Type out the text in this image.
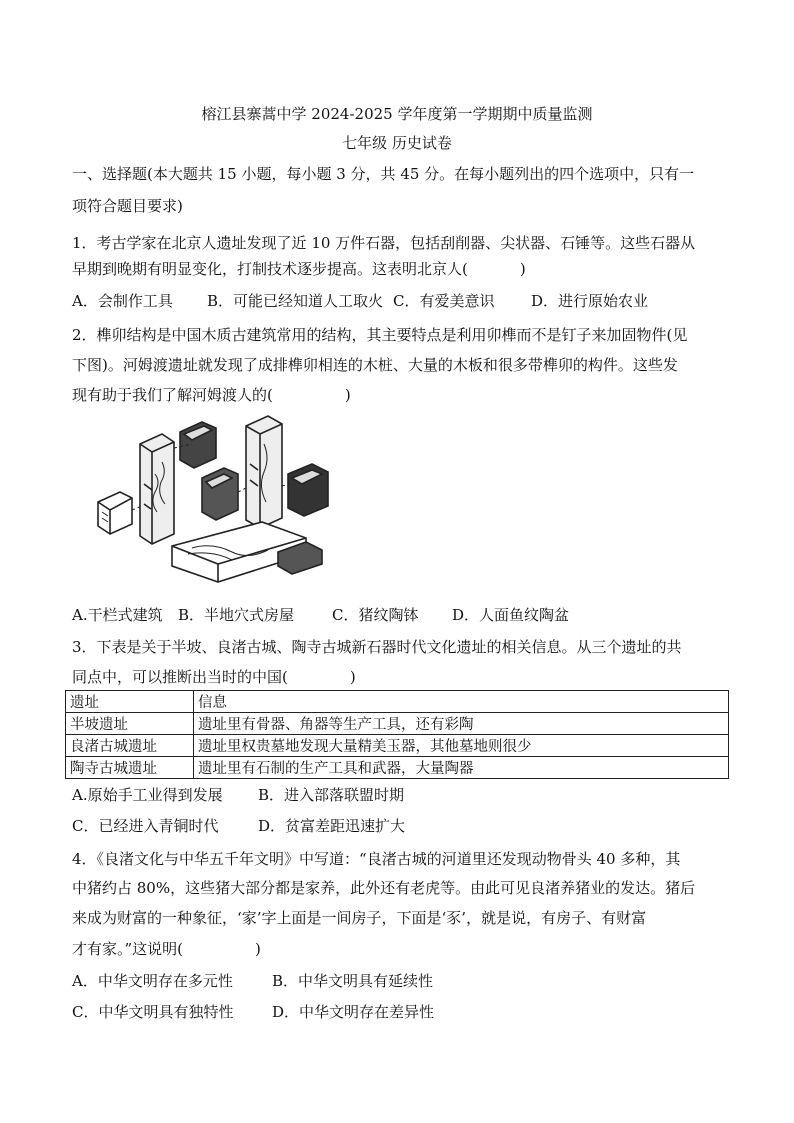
榕江县寨蒿中学 2024-2025 学年度第一学期期中质量监测
七年级 历史试卷
一、选择题(本大题共 15 小题，每小题 3 分，共 45 分。在每小题列出的四个选项中，只有一
项符合题目要求)
1．考古学家在北京人遗址发现了近 10 万件石器，包括刮削器、尖状器、石锤等。这些石器从
早期到晚期有明显变化，打制技术逐步提高。这表明北京人(	)
A．会制作工具 B．可能已经知道人工取火 C．有爱美意识 D．进行原始农业
2．榫卯结构是中国木质古建筑常用的结构，其主要特点是利用卯榫而不是钉子来加固物件(见
下图)。河姆渡遗址就发现了成排榫卯相连的木桩、大量的木板和很多带榫卯的构件。这些发
现有助于我们了解河姆渡人的(	)
A.干栏式建筑 B．半地穴式房屋	C．猪纹陶钵 D．人面鱼纹陶盆
3．下表是关于半坡、良渚古城、陶寺古城新石器时代文化遗址的相关信息。从三个遗址的共
同点中，可以推断出当时的中国(	)
遗址	信息
半坡遗址	遗址里有骨器、角器等生产工具，还有彩陶
良渚古城遗址	遗址里权贵墓地发现大量精美玉器，其他墓地则很少
陶寺古城遗址	遗址里有石制的生产工具和武器，大量陶器
A.原始手工业得到发展 B．进入部落联盟时期
C．已经进入青铜时代	D．贫富差距迅速扩大
4．《良渚文化与中华五千年文明》中写道：“良渚古城的河道里还发现动物骨头 40 多种，其
中猪约占 80%，这些猪大部分都是家养，此外还有老虎等。由此可见良渚养猪业的发达。猪后
来成为财富的一种象征，‘家’字上面是一间房子，下面是‘豕’，就是说，有房子、有财富
才有家。”这说明(	)
A．中华文明存在多元性	B．中华文明具有延续性
C．中华文明具有独特性	D．中华文明存在差异性
